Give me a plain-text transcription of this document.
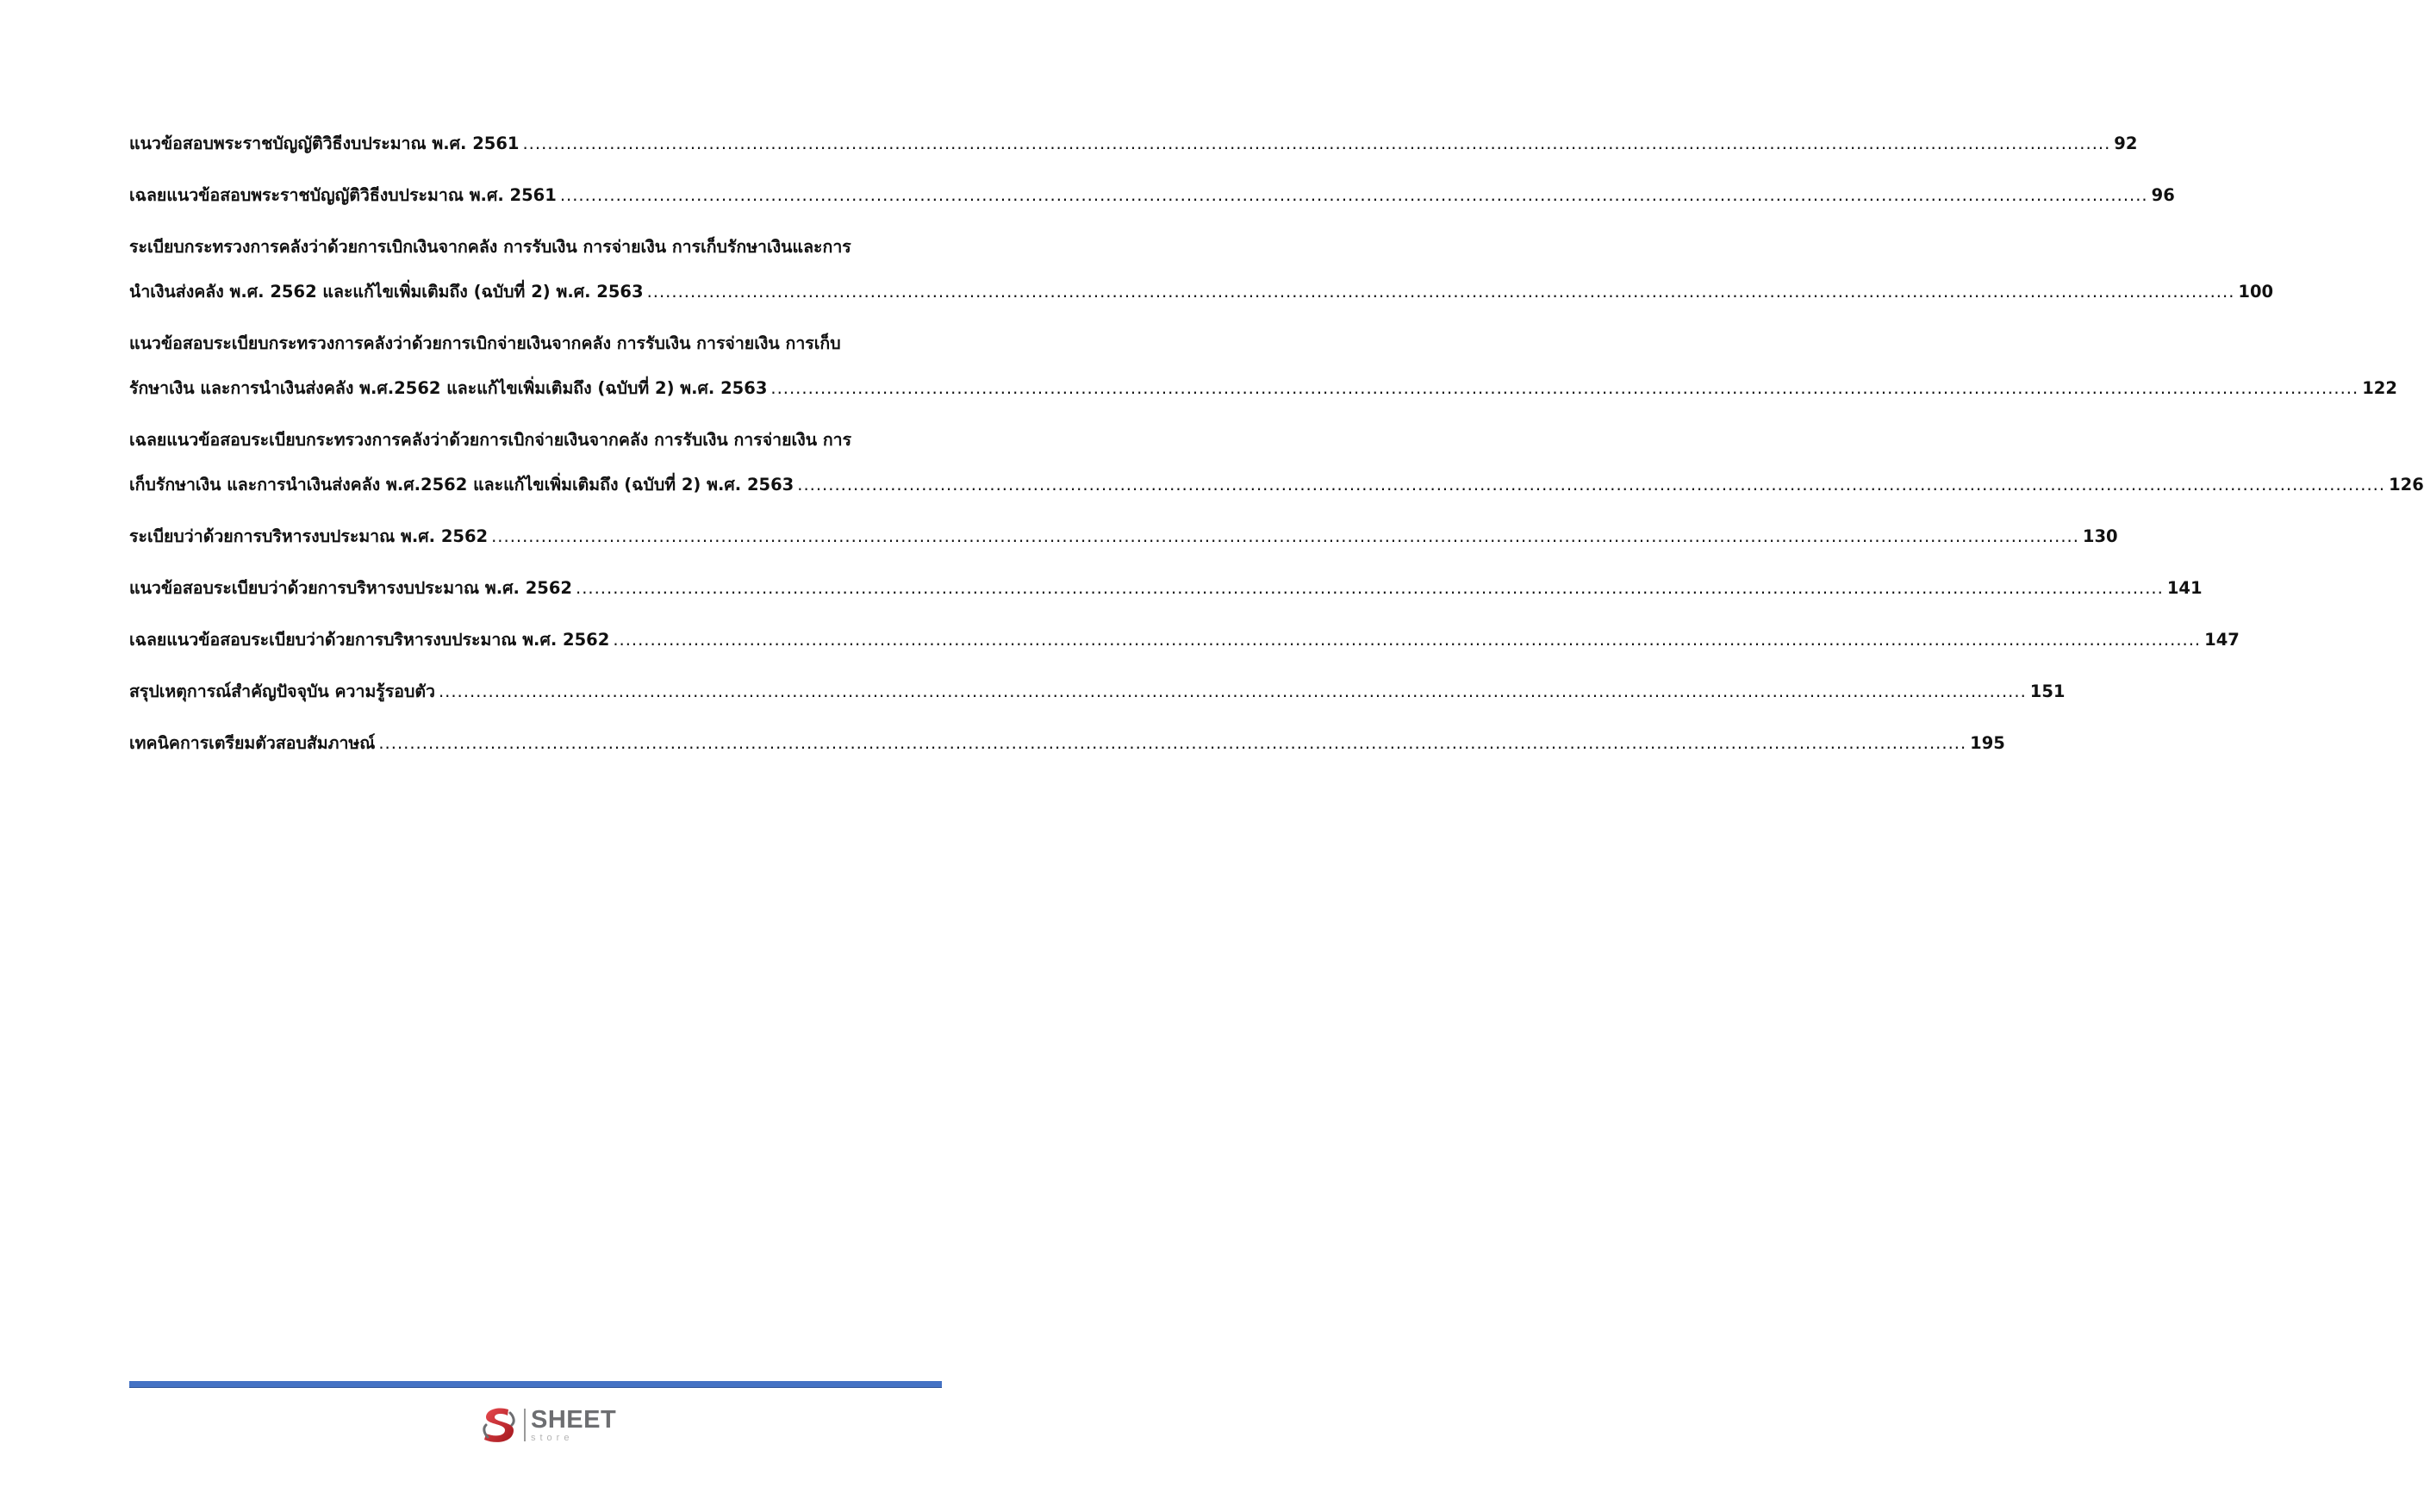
แนวข้อสอบพระราชบัญญัติวิธีงบประมาณ พ.ศ. 2561 .....	92
เฉลยแนวข้อสอบพระราชบัญญัติวิธีงบประมาณ พ.ศ. 2561 .....	96
ระเบียบกระทรวงการคลังว่าด้วยการเบิกเงินจากคลัง การรับเงิน การจ่ายเงิน การเก็บรักษาเงินและการ
นำเงินส่งคลัง พ.ศ. 2562 และแก้ไขเพิ่มเติมถึง (ฉบับที่ 2) พ.ศ. 2563 .....	100
แนวข้อสอบระเบียบกระทรวงการคลังว่าด้วยการเบิกจ่ายเงินจากคลัง การรับเงิน การจ่ายเงิน การเก็บ
รักษาเงิน และการนำเงินส่งคลัง พ.ศ.2562 และแก้ไขเพิ่มเติมถึง (ฉบับที่ 2) พ.ศ. 2563 .....	122
เฉลยแนวข้อสอบระเบียบกระทรวงการคลังว่าด้วยการเบิกจ่ายเงินจากคลัง การรับเงิน การจ่ายเงิน การ
เก็บรักษาเงิน และการนำเงินส่งคลัง พ.ศ.2562 และแก้ไขเพิ่มเติมถึง (ฉบับที่ 2) พ.ศ. 2563 .....	126
ระเบียบว่าด้วยการบริหารงบประมาณ พ.ศ. 2562 .....	130
แนวข้อสอบระเบียบว่าด้วยการบริหารงบประมาณ พ.ศ. 2562 .....	141
เฉลยแนวข้อสอบระเบียบว่าด้วยการบริหารงบประมาณ พ.ศ. 2562 .....	147
สรุปเหตุการณ์สำคัญปัจจุบัน ความรู้รอบตัว .....	151
เทคนิคการเตรียมตัวสอบสัมภาษณ์ .....	195
SHEET
store
